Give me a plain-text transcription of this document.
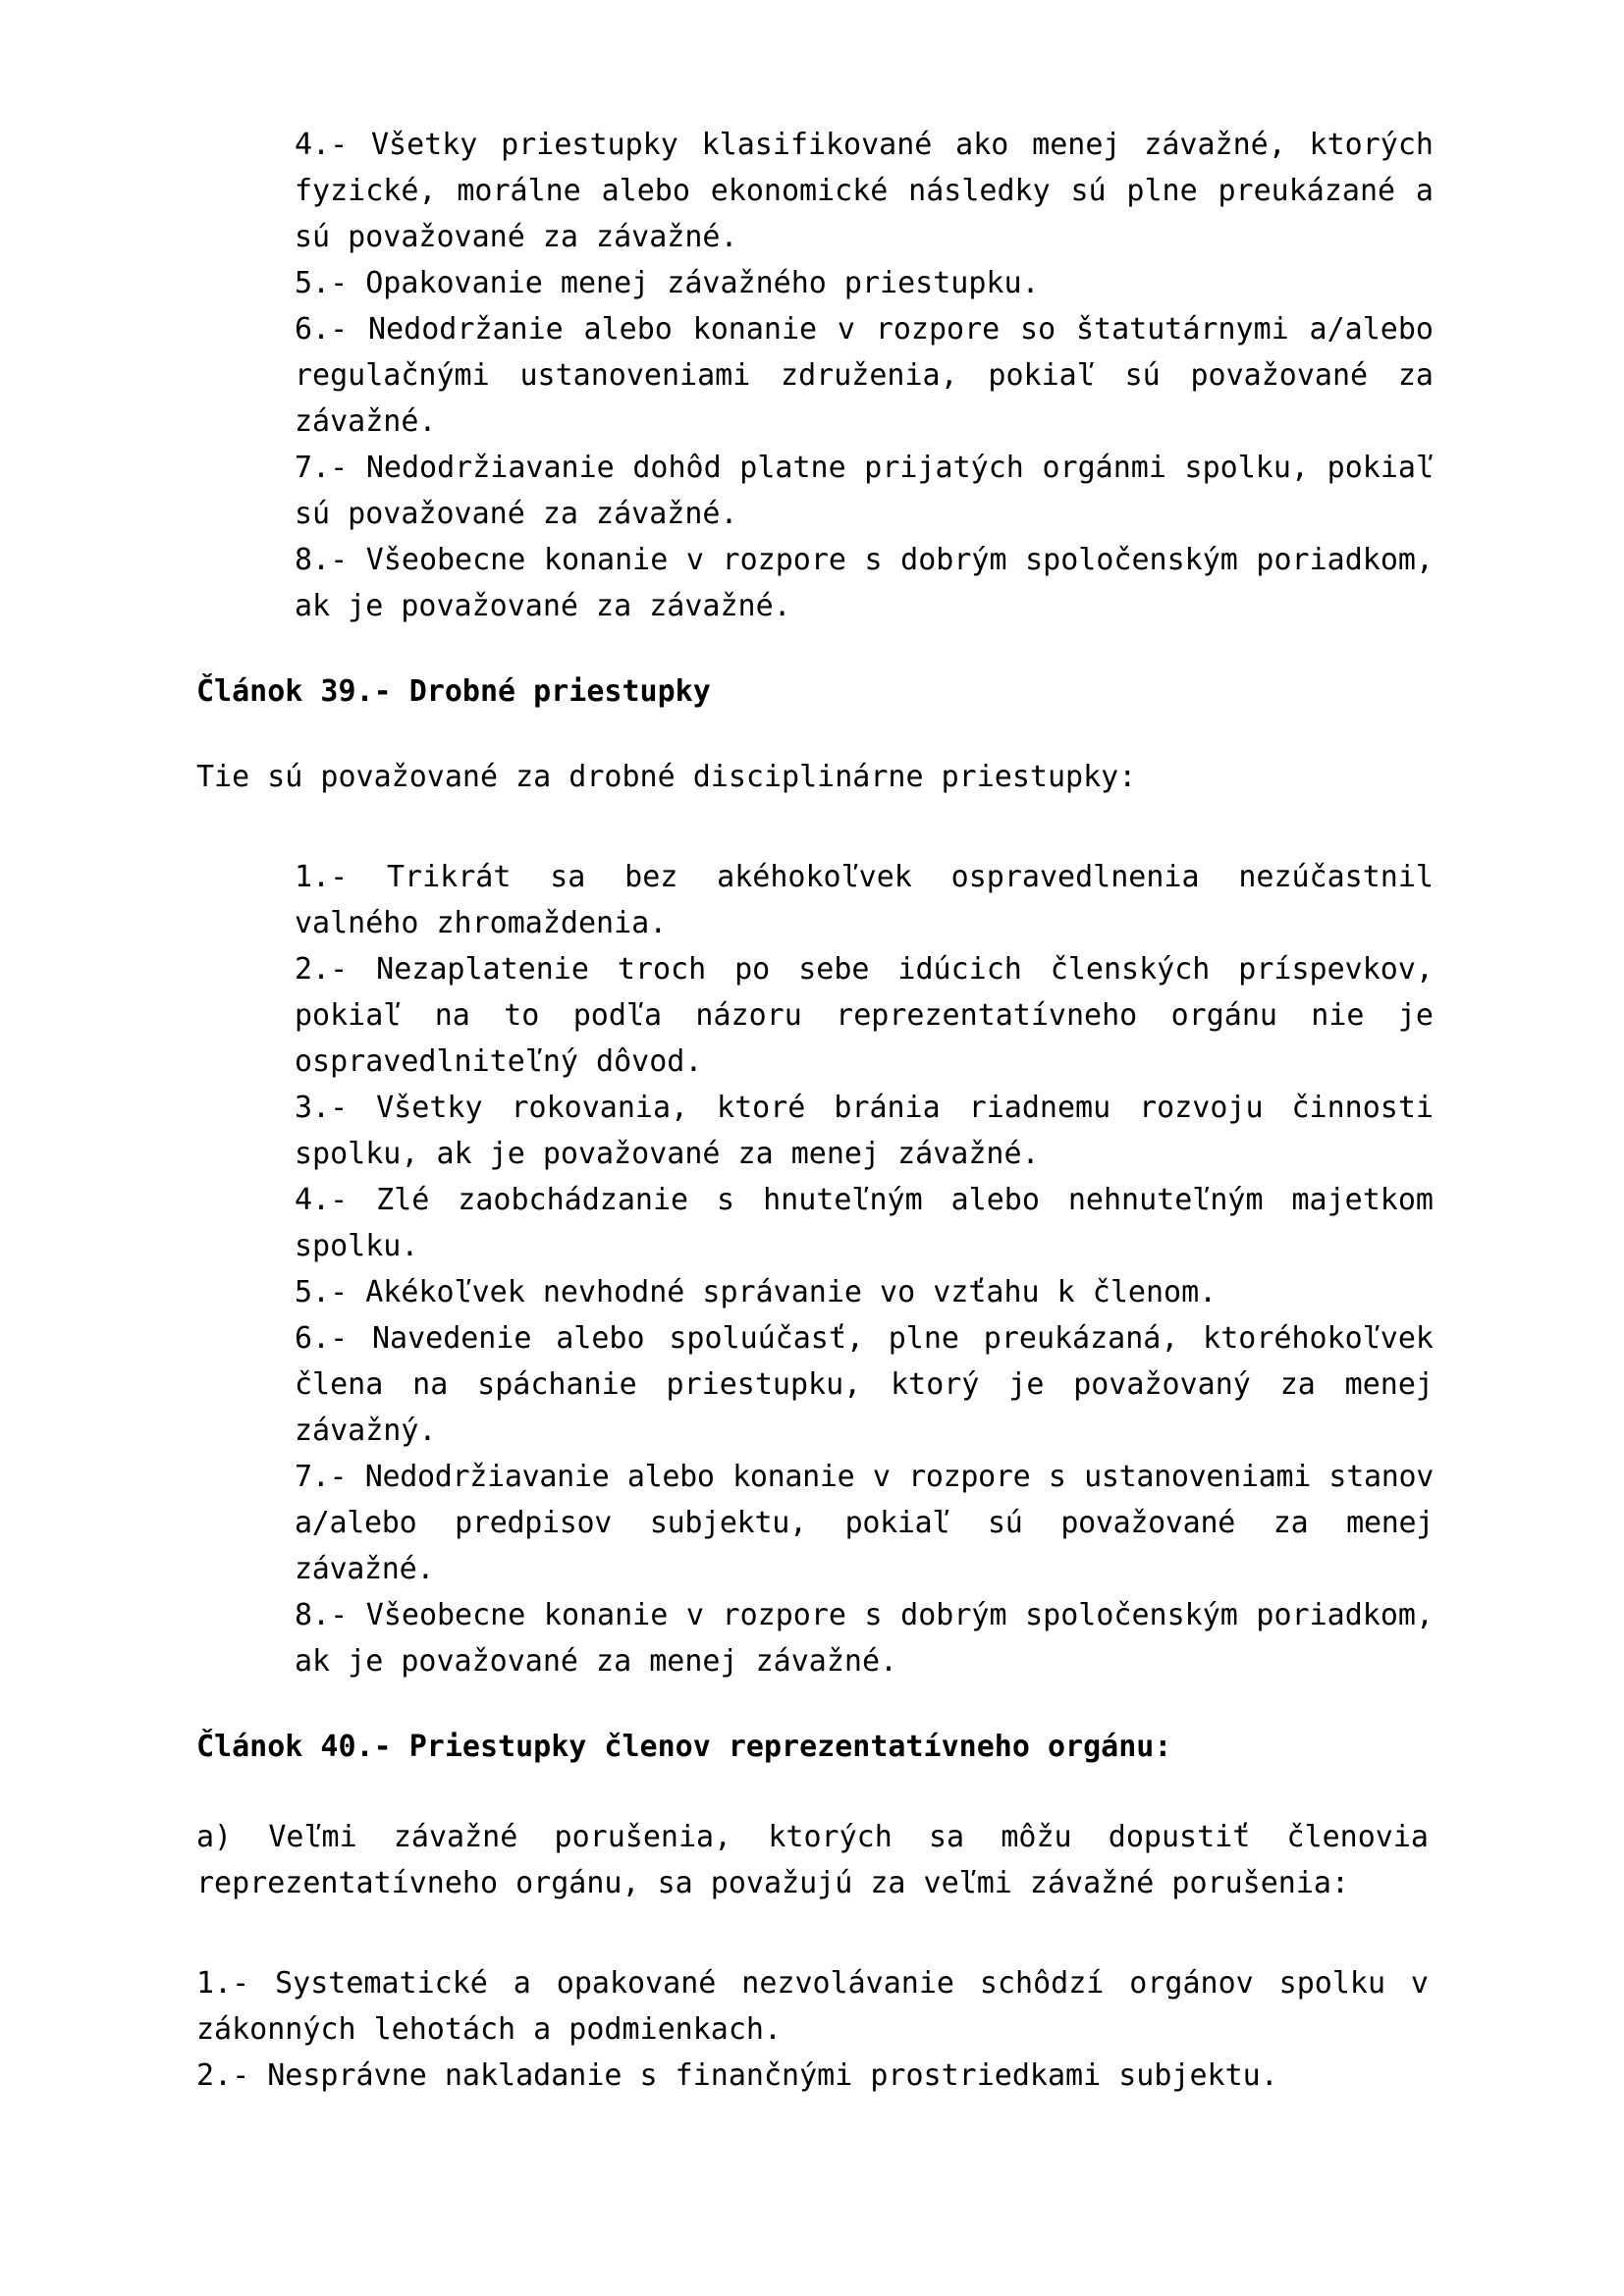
4.- Všetky priestupky klasifikované ako menej závažné, ktorých fyzické, morálne alebo ekonomické následky sú plne preukázané a sú považované za závažné.

5.- Opakovanie menej závažného priestupku.

6.- Nedodržanie alebo konanie v rozpore so štatutárnymi a/alebo regulačnými ustanoveniami združenia, pokiaľ sú považované za závažné.

7.- Nedodržiavanie dohôd platne prijatých orgánmi spolku, pokiaľ sú považované za závažné.

8.- Všeobecne konanie v rozpore s dobrým spoločenským poriadkom, ak je považované za závažné.

Článok 39.- Drobné priestupky

Tie sú považované za drobné disciplinárne priestupky:

1.- Trikrát sa bez akéhokoľvek ospravedlnenia nezúčastnil valného zhromaždenia.

2.- Nezaplatenie troch po sebe idúcich členských príspevkov, pokiaľ na to podľa názoru reprezentatívneho orgánu nie je ospravedlniteľný dôvod.

3.- Všetky rokovania, ktoré bránia riadnemu rozvoju činnosti spolku, ak je považované za menej závažné.

4.- Zlé zaobchádzanie s hnuteľným alebo nehnuteľným majetkom spolku.

5.- Akékoľvek nevhodné správanie vo vzťahu k členom.

6.- Navedenie alebo spoluúčasť, plne preukázaná, ktoréhokoľvek člena na spáchanie priestupku, ktorý je považovaný za menej závažný.

7.- Nedodržiavanie alebo konanie v rozpore s ustanoveniami stanov a/alebo predpisov subjektu, pokiaľ sú považované za menej závažné.

8.- Všeobecne konanie v rozpore s dobrým spoločenským poriadkom, ak je považované za menej závažné.

Článok 40.- Priestupky členov reprezentatívneho orgánu:

a) Veľmi závažné porušenia, ktorých sa môžu dopustiť členovia reprezentatívneho orgánu, sa považujú za veľmi závažné porušenia:

1.- Systematické a opakované nezvolávanie schôdzí orgánov spolku v zákonných lehotách a podmienkach.

2.- Nesprávne nakladanie s finančnými prostriedkami subjektu.
